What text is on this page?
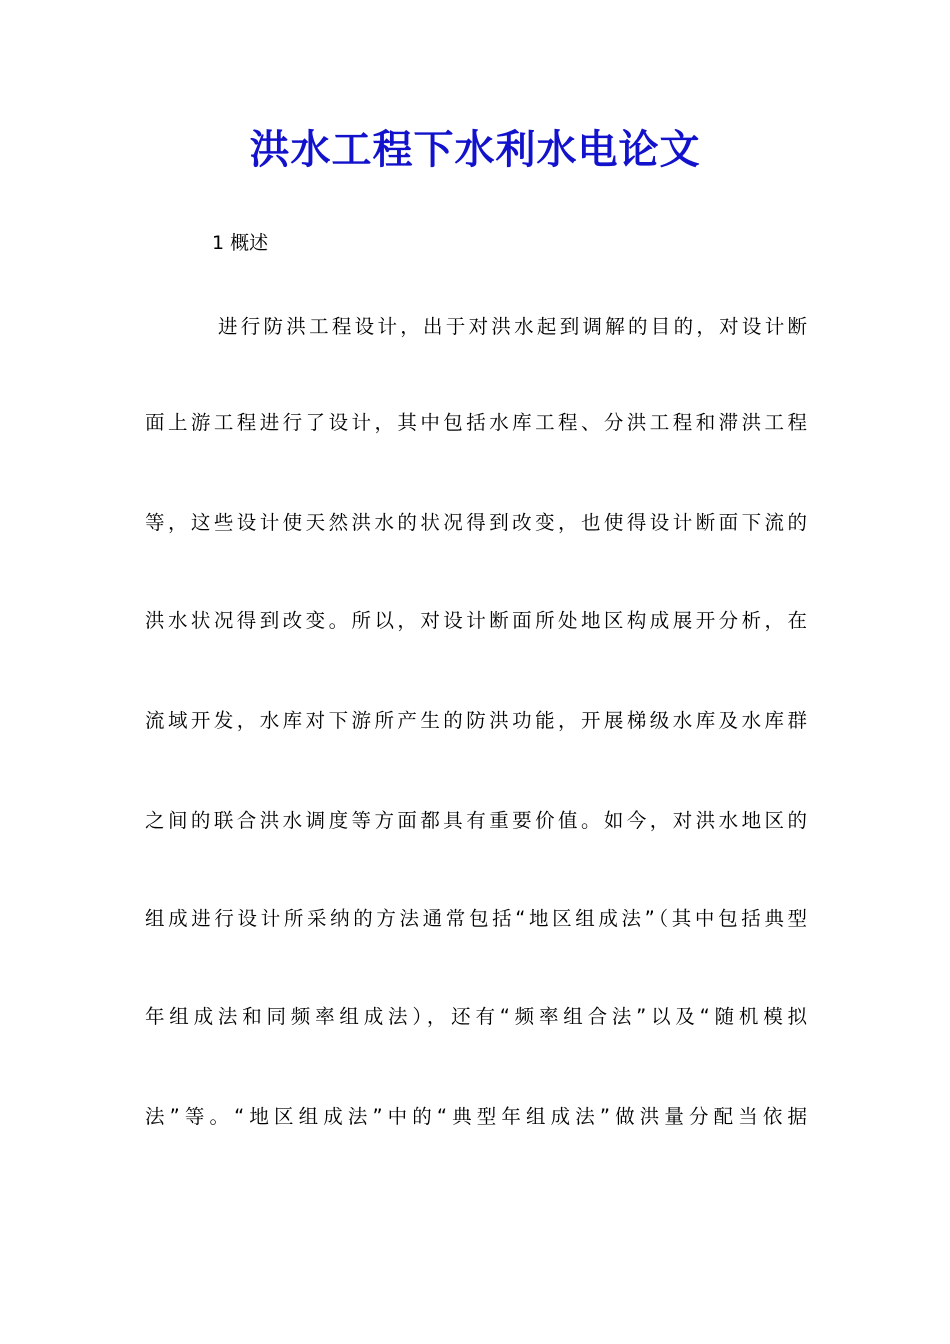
洪水工程下水利水电论文

1 概述

进行防洪工程设计，出于对洪水起到调解的目的，对设计断

面上游工程进行了设计，其中包括水库工程、分洪工程和滞洪工程

等，这些设计使天然洪水的状况得到改变，也使得设计断面下流的

洪水状况得到改变。所以，对设计断面所处地区构成展开分析，在

流域开发，水库对下游所产生的防洪功能，开展梯级水库及水库群

之间的联合洪水调度等方面都具有重要价值。如今，对洪水地区的

组成进行设计所采纳的方法通常包括“地区组成法”（其中包括典型

年组成法和同频率组成法），还有“频率组合法”以及“随机模拟

法”等。“地区组成法”中的“典型年组成法”做洪量分配当依据
